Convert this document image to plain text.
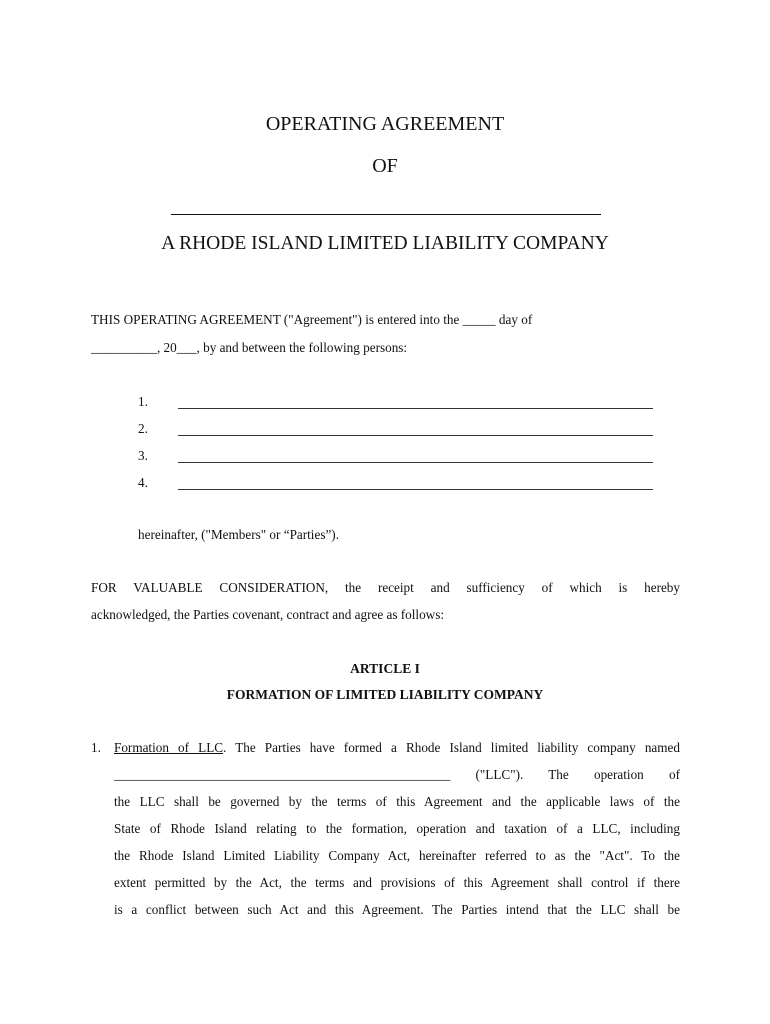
OPERATING AGREEMENT
OF
A RHODE ISLAND LIMITED LIABILITY COMPANY
THIS OPERATING AGREEMENT ("Agreement") is entered into the _____ day of
__________, 20___, by and between the following persons:
1.
2.
3.
4.
hereinafter, ("Members" or “Parties”).
FOR VALUABLE CONSIDERATION, the receipt and sufficiency of which is hereby
acknowledged, the Parties covenant, contract and agree as follows:
ARTICLE I
FORMATION OF LIMITED LIABILITY COMPANY
1. Formation of LLC. The Parties have formed a Rhode Island limited liability company named
___________________________________________________ ("LLC"). The operation of
the LLC shall be governed by the terms of this Agreement and the applicable laws of the
State of Rhode Island relating to the formation, operation and taxation of a LLC, including
the Rhode Island Limited Liability Company Act, hereinafter referred to as the "Act". To the
extent permitted by the Act, the terms and provisions of this Agreement shall control if there
is a conflict between such Act and this Agreement. The Parties intend that the LLC shall be
